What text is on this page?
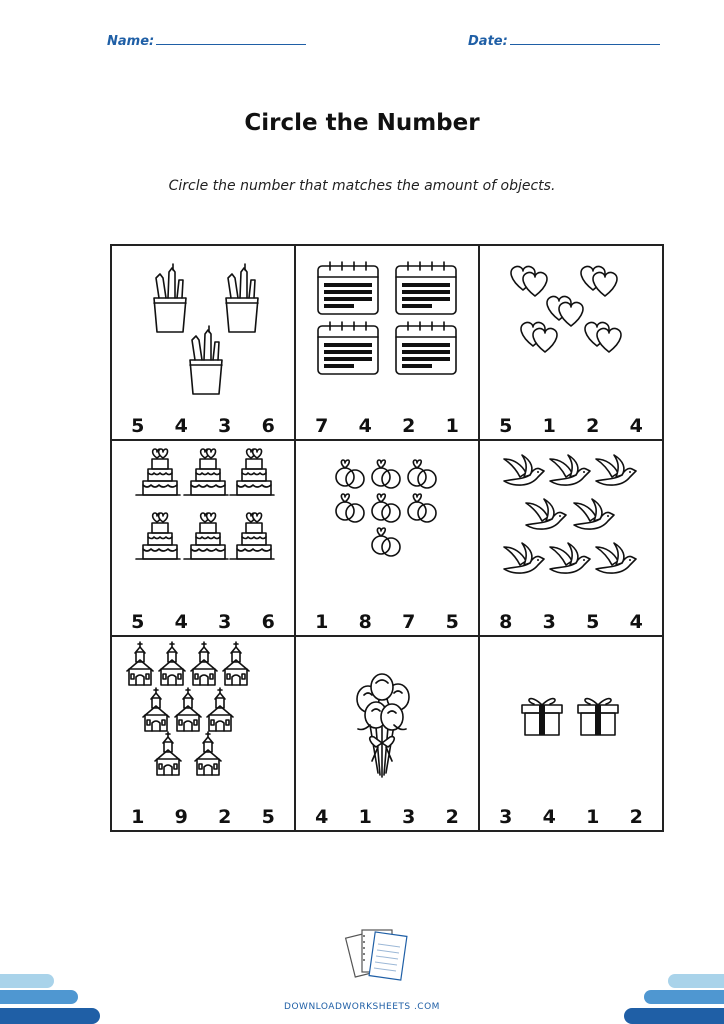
Name:	Date:
Circle the Number
Circle the number that matches the amount of objects.
5	4	3	6	7	4	2	1	5	1	2	4
5	4	3	6	1	8	7	5	8	3	5	4
1	9	2	5	4	1	3	2	3	4	1	2
DOWNLOADWORKSHEETS .COM
